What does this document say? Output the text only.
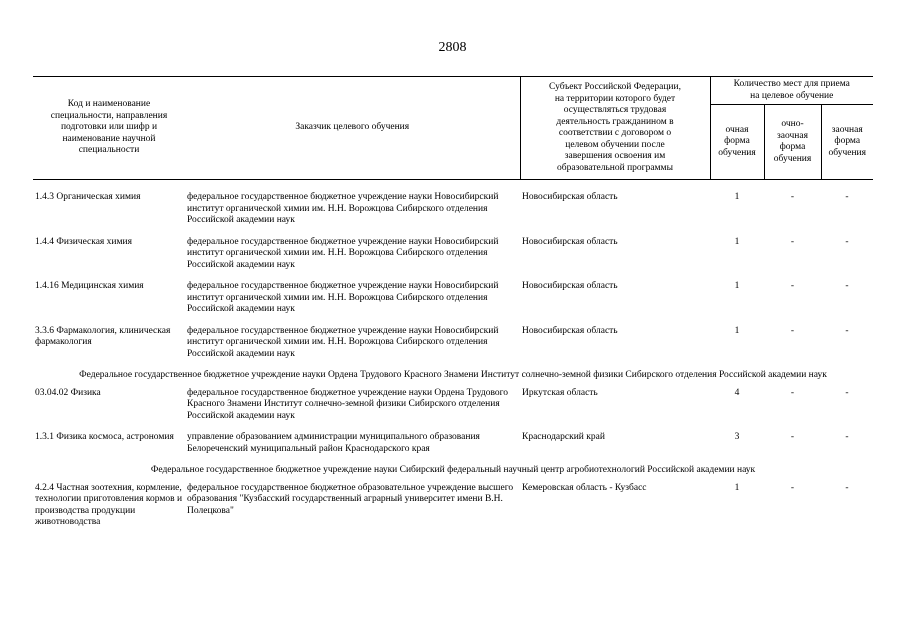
2808
Код и наименование специальности, направления подготовки или шифр и наименование научной специальности	Заказчик целевого обучения	Субъект Российской Федерации, на территории которого будет осуществляться трудовая деятельность гражданином в соответствии с договором о целевом обучении после завершения освоения им образовательной программы	Количество мест для приема на целевое обучение		
			очная форма обучения	очно-заочная форма обучения	заочная форма обучения

1.4.3 Органическая химия	федеральное государственное бюджетное учреждение науки Новосибирский институт органической химии им. Н.Н. Ворожцова Сибирского отделения Российской академии наук	Новосибирская область	1	-	-
1.4.4 Физическая химия	федеральное государственное бюджетное учреждение науки Новосибирский институт органической химии им. Н.Н. Ворожцова Сибирского отделения Российской академии наук	Новосибирская область	1	-	-
1.4.16 Медицинская химия	федеральное государственное бюджетное учреждение науки Новосибирский институт органической химии им. Н.Н. Ворожцова Сибирского отделения Российской академии наук	Новосибирская область	1	-	-
3.3.6 Фармакология, клиническая фармакология	федеральное государственное бюджетное учреждение науки Новосибирский институт органической химии им. Н.Н. Ворожцова Сибирского отделения Российской академии наук	Новосибирская область	1	-	-
Федеральное государственное бюджетное учреждение науки Ордена Трудового Красного Знамени Институт солнечно-земной физики Сибирского отделения Российской академии наук					
03.04.02 Физика	федеральное государственное бюджетное учреждение науки Ордена Трудового Красного Знамени Институт солнечно-земной физики Сибирского отделения Российской академии наук	Иркутская область	4	-	-
1.3.1 Физика космоса, астрономия	управление образованием администрации муниципального образования Белореченский муниципальный район Краснодарского края	Краснодарский край	3	-	-
Федеральное государственное бюджетное учреждение науки Сибирский федеральный научный центр агробиотехнологий Российской академии наук					
4.2.4 Частная зоотехния, кормление, технологии приготовления кормов и производства продукции животноводства	федеральное государственное бюджетное образовательное учреждение высшего образования "Кузбасский государственный аграрный университет имени В.Н. Полецкова"	Кемеровская область - Кузбасс	1	-	-
